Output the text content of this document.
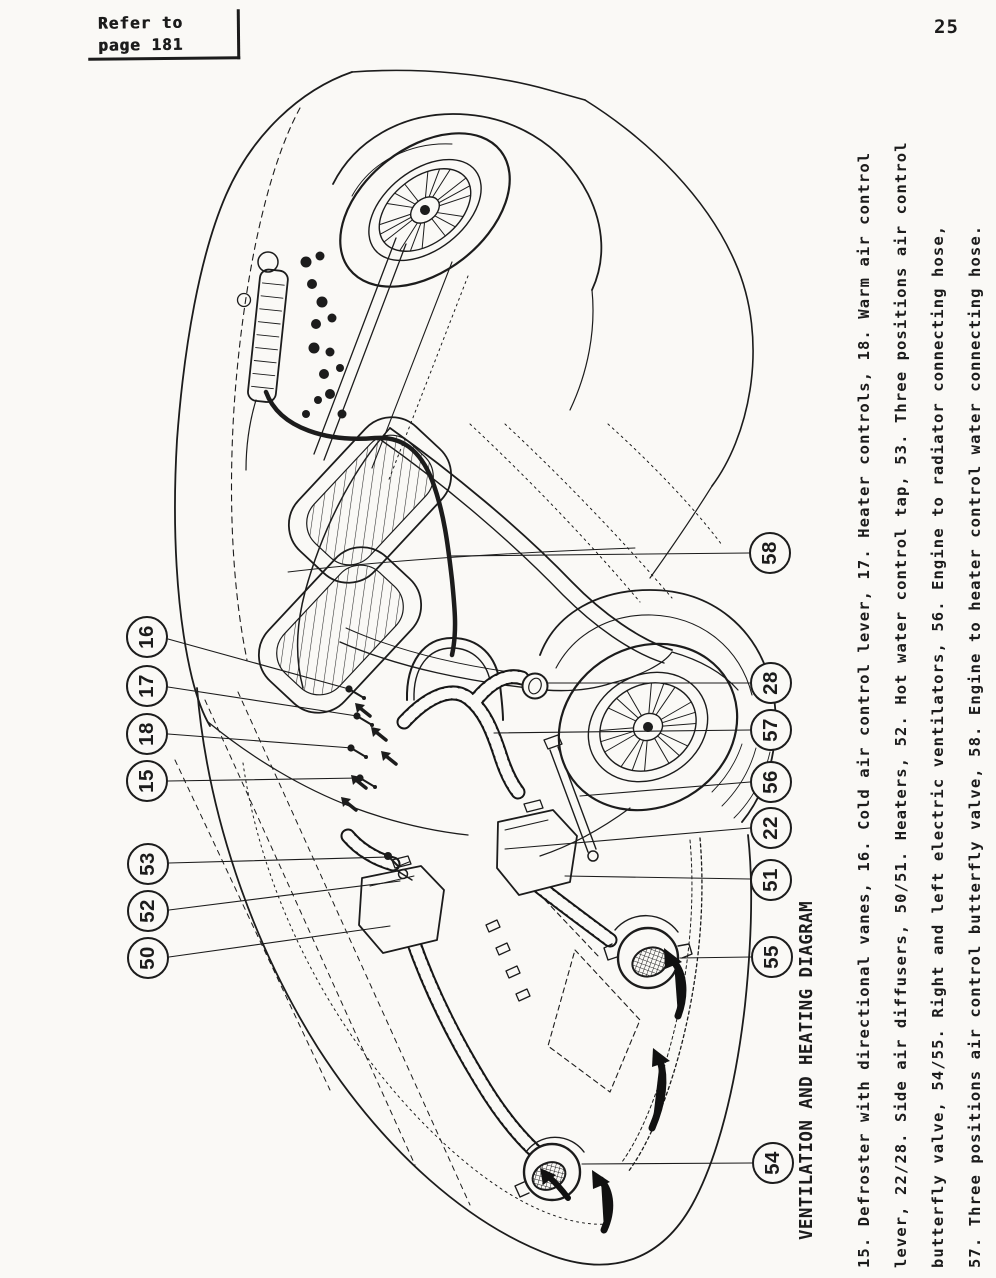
Refer to
page 181
25
VENTILATION AND HEATING DIAGRAM	15. Defroster with directional vanes, 16. Cold air control lever, 17. Heater controls, 18. Warm air control	lever, 22/28. Side air diffusers, 50/51. Heaters, 52. Hot water control tap, 53. Three positions air control	butterfly valve, 54/55. Right and left electric ventilators, 56. Engine to radiator connecting hose,	57. Three positions air control butterfly valve, 58. Engine to heater control water connecting hose.
16
17
18
15
53
52
50
58
28
57
56
22
51
55
54
